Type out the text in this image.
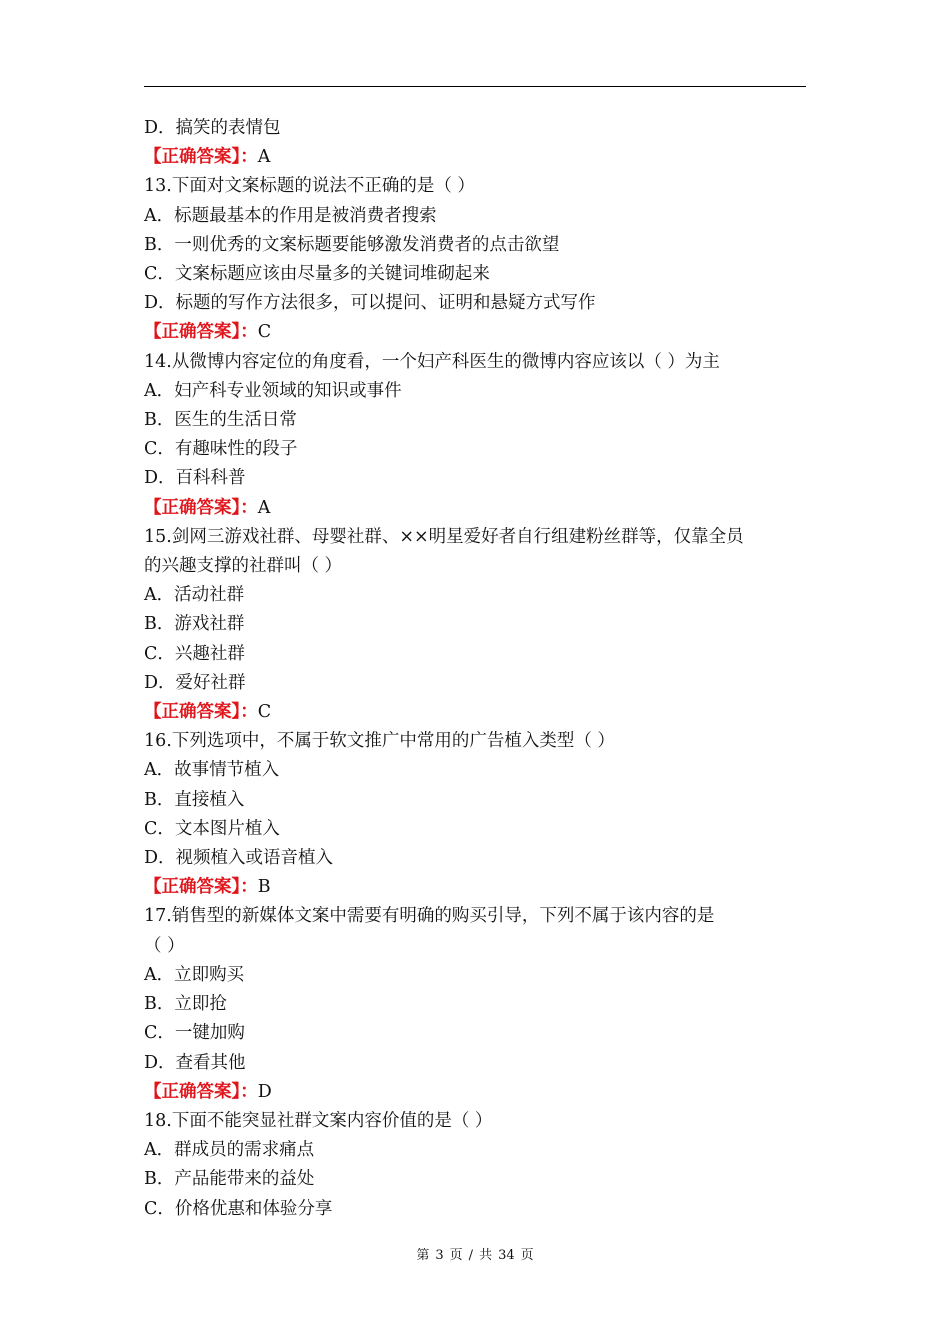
D．搞笑的表情包
【正确答案】：A
13.下面对文案标题的说法不正确的是（ ）
A．标题最基本的作用是被消费者搜索
B．一则优秀的文案标题要能够激发消费者的点击欲望
C．文案标题应该由尽量多的关键词堆砌起来
D．标题的写作方法很多，可以提问、证明和悬疑方式写作
【正确答案】：C
14.从微博内容定位的角度看，一个妇产科医生的微博内容应该以（ ）为主
A．妇产科专业领域的知识或事件
B．医生的生活日常
C．有趣味性的段子
D．百科科普
【正确答案】：A
15.剑网三游戏社群、母婴社群、××明星爱好者自行组建粉丝群等，仅靠全员
的兴趣支撑的社群叫（ ）
A．活动社群
B．游戏社群
C．兴趣社群
D．爱好社群
【正确答案】：C
16.下列选项中，不属于软文推广中常用的广告植入类型（ ）
A．故事情节植入
B．直接植入
C．文本图片植入
D．视频植入或语音植入
【正确答案】：B
17.销售型的新媒体文案中需要有明确的购买引导，下列不属于该内容的是
（ ）
A．立即购买
B．立即抢
C．一键加购
D．查看其他
【正确答案】：D
18.下面不能突显社群文案内容价值的是（ ）
A．群成员的需求痛点
B．产品能带来的益处
C．价格优惠和体验分享
第 3 页 / 共 34 页
